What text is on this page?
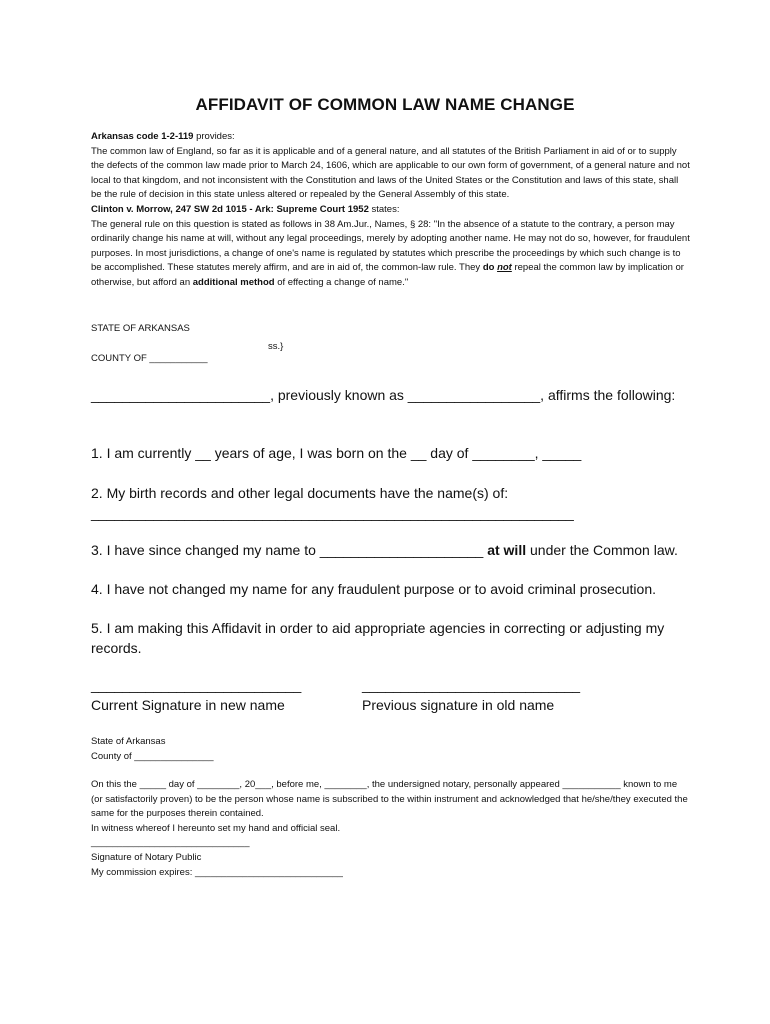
AFFIDAVIT OF COMMON LAW NAME CHANGE

Arkansas code 1-2-119 provides:

The common law of England, so far as it is applicable and of a general nature, and all statutes of the British Parliament in aid of or to supply the defects of the common law made prior to March 24, 1606, which are applicable to our own form of government, of a general nature and not local to that kingdom, and not inconsistent with the Constitution and laws of the United States or the Constitution and laws of this state, shall be the rule of decision in this state unless altered or repealed by the General Assembly of this state.

Clinton v. Morrow, 247 SW 2d 1015 - Ark: Supreme Court 1952 states:

The general rule on this question is stated as follows in 38 Am.Jur., Names, § 28: "In the absence of a statute to the contrary, a person may ordinarily change his name at will, without any legal proceedings, merely by adopting another name. He may not do so, however, for fraudulent purposes. In most jurisdictions, a change of one's name is regulated by statutes which prescribe the proceedings by which such change is to be accomplished. These statutes merely affirm, and are in aid of, the common-law rule. They do not repeal the common law by implication or otherwise, but afford an additional method of effecting a change of name."

STATE OF ARKANSAS
ss.}
COUNTY OF ___________
_______________________, previously known as _________________, affirms the following:
1. I am currently __ years of age, I was born on the __ day of ________, _____
2. My birth records and other legal documents have the name(s) of: ______________________________________________________________
3. I have since changed my name to _____________________ at will under the Common law.
4. I have not changed my name for any fraudulent purpose or to avoid criminal prosecution.
5. I am making this Affidavit in order to aid appropriate agencies in correcting or adjusting my records.
___________________________
Current Signature in new name
____________________________
Previous signature in old name

State of Arkansas

County of _______________

On this the _____ day of ________, 20___, before me, ________, the undersigned notary, personally appeared ___________ known to me (or satisfactorily proven) to be the person whose name is subscribed to the within instrument and acknowledged that he/she/they executed the same for the purposes therein contained.

In witness whereof I hereunto set my hand and official seal.

______________________________

Signature of Notary Public

My commission expires: ____________________________
